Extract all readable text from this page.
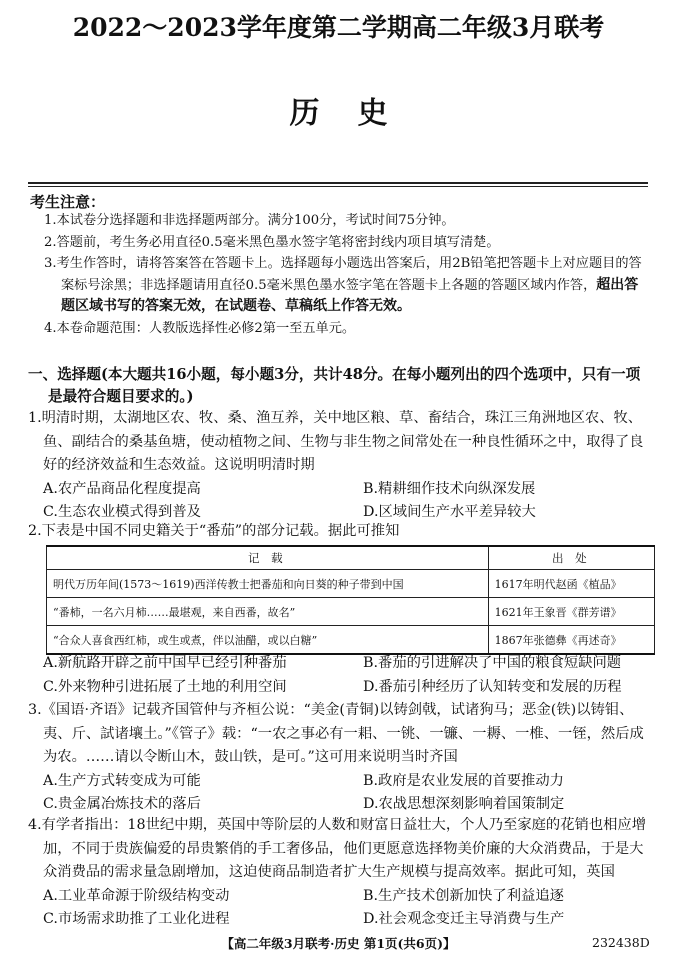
2022～2023学年度第二学期高二年级3月联考
历史
考生注意：

1.本试卷分选择题和非选择题两部分。满分100分，考试时间75分钟。

2.答题前，考生务必用直径0.5毫米黑色墨水签字笔将密封线内项目填写清楚。

3.考生作答时，请将答案答在答题卡上。选择题每小题选出答案后，用2B铅笔把答题卡上对应题目的答案标号涂黑；非选择题请用直径0.5毫米黑色墨水签字笔在答题卡上各题的答题区域内作答，超出答题区域书写的答案无效，在试题卷、草稿纸上作答无效。

4.本卷命题范围：人教版选择性必修2第一至五单元。

一、选择题(本大题共16小题，每小题3分，共计48分。在每小题列出的四个选项中，只有一项

是最符合题目要求的。)

1.明清时期，太湖地区农、牧、桑、渔互养，关中地区粮、草、畜结合，珠江三角洲地区农、牧、鱼、副结合的桑基鱼塘，使动植物之间、生物与非生物之间常处在一种良性循环之中，取得了良好的经济效益和生态效益。这说明明清时期

A.农产品商品化程度提高	B.精耕细作技术向纵深发展
C.生态农业模式得到普及	D.区域间生产水平差异较大

2.下表是中国不同史籍关于“番茄”的部分记载。据此可推知

记 载	出 处
明代万历年间(1573～1619)西洋传教士把番茄和向日葵的种子带到中国	1617年明代赵函《植品》
“番柿，一名六月柿……最堪观，来自西番，故名”	1621年王象晋《群芳谱》
“合众人喜食西红柿，或生或煮，伴以油醋，或以白糖”	1867年张德彝《再述奇》
A.新航路开辟之前中国早已经引种番茄	B.番茄的引进解决了中国的粮食短缺问题
C.外来物种引进拓展了土地的利用空间	D.番茄引种经历了认知转变和发展的历程

3.《国语·齐语》记载齐国管仲与齐桓公说：“美金(青铜)以铸剑戟，试诸狗马；恶金(铁)以铸钼、夷、斤、試诸壤土。”《管子》载：“一农之事必有一耜、一铫、一镰、一耨、一椎、一铚，然后成为农。……请以令断山木，鼓山铁，是可。”这可用来说明当时齐国

A.生产方式转变成为可能	B.政府是农业发展的首要推动力
C.贵金属冶炼技术的落后	D.农战思想深刻影响着国策制定

4.有学者指出：18世纪中期，英国中等阶层的人数和财富日益壮大，个人乃至家庭的花销也相应增加，不同于贵族偏爱的昂贵繁俏的手工奢侈品，他们更愿意选择物美价廉的大众消费品，于是大众消费品的需求量急剧增加，这迫使商品制造者扩大生产规模与提高效率。据此可知，英国

A.工业革命源于阶级结构变动	B.生产技术创新加快了利益追逐
C.市场需求助推了工业化进程	D.社会观念变迁主导消费与生产
【高二年级3月联考·历史 第1页(共6页)】	232438D
